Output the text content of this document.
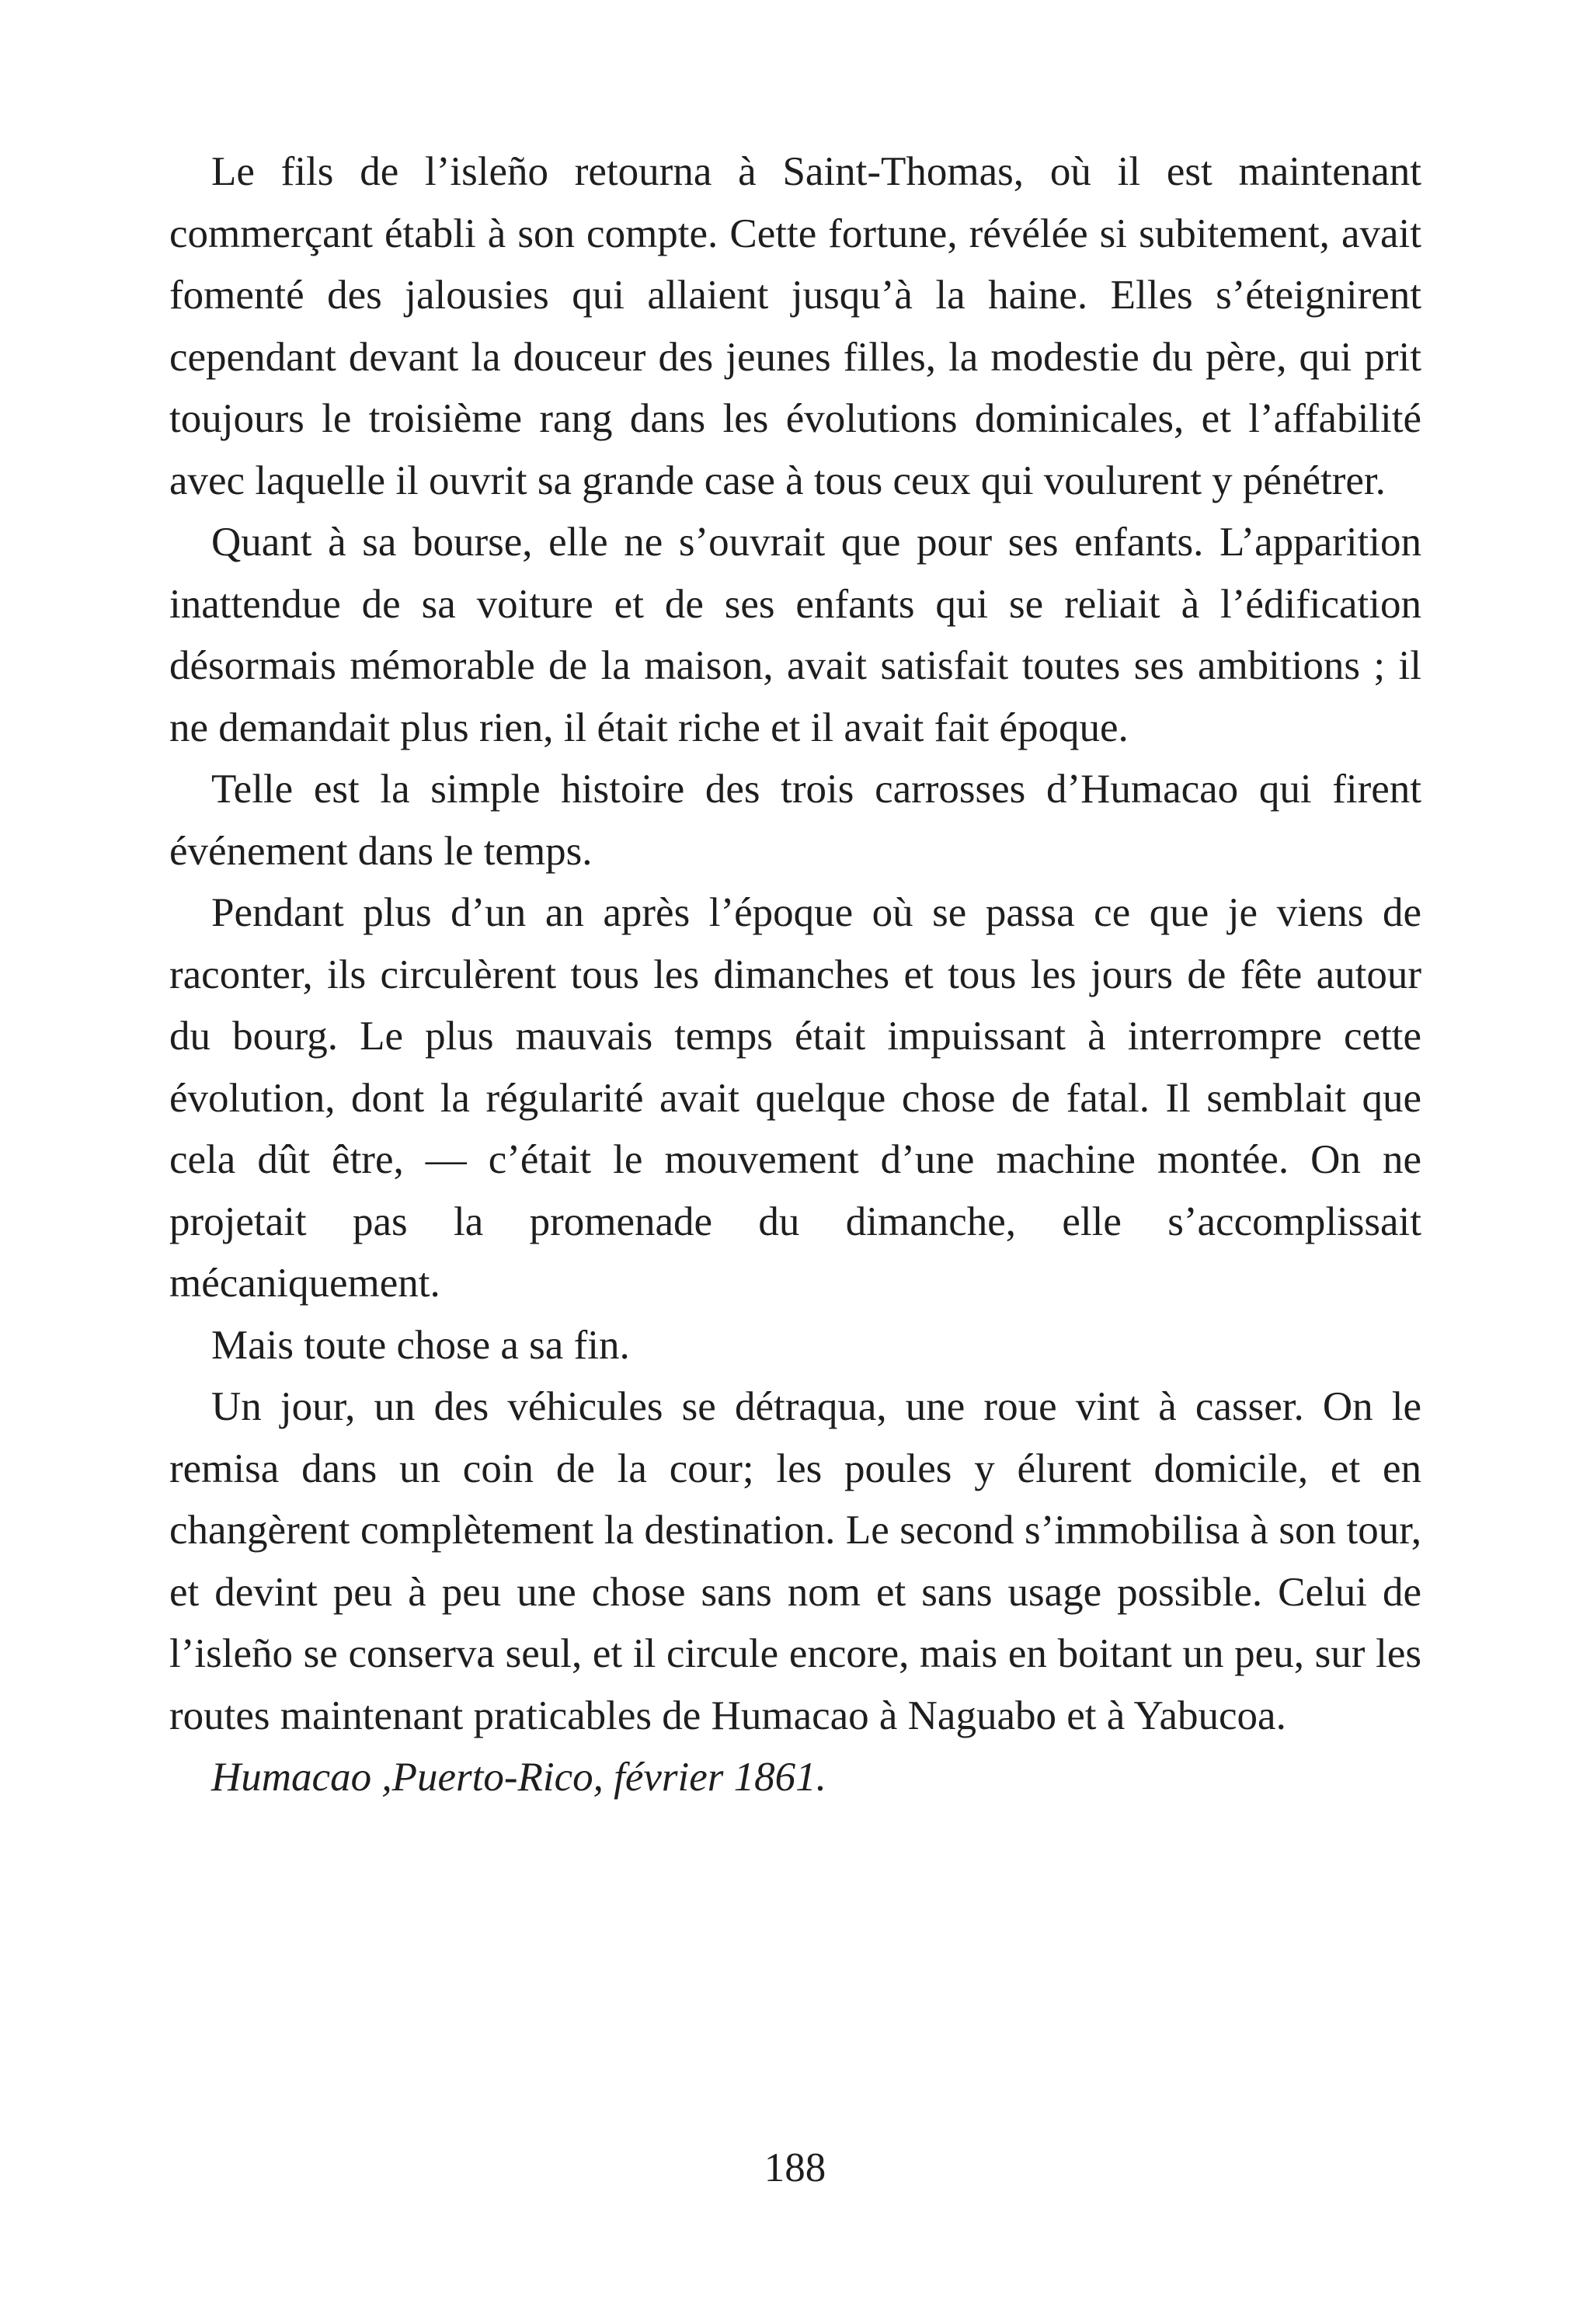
Le fils de l’isleño retourna à Saint-Thomas, où il est maintenant commerçant établi à son compte. Cette fortune, révélée si subitement, avait fomenté des jalousies qui allaient jusqu’à la haine. Elles s’éteignirent cependant devant la douceur des jeunes filles, la modestie du père, qui prit toujours le troisième rang dans les évolutions dominicales, et l’affabilité avec laquelle il ouvrit sa grande case à tous ceux qui voulurent y pénétrer.

Quant à sa bourse, elle ne s’ouvrait que pour ses enfants. L’apparition inattendue de sa voiture et de ses enfants qui se reliait à l’édification désormais mémorable de la maison, avait satisfait toutes ses ambitions ; il ne demandait plus rien, il était riche et il avait fait époque.

Telle est la simple histoire des trois carrosses d’Humacao qui firent événement dans le temps.

Pendant plus d’un an après l’époque où se passa ce que je viens de raconter, ils circulèrent tous les dimanches et tous les jours de fête autour du bourg. Le plus mauvais temps était impuissant à interrompre cette évolution, dont la régularité avait quelque chose de fatal. Il semblait que cela dût être, — c’était le mouvement d’une machine montée. On ne projetait pas la promenade du dimanche, elle s’accomplissait mécaniquement.

Mais toute chose a sa fin.

Un jour, un des véhicules se détraqua, une roue vint à casser. On le remisa dans un coin de la cour; les poules y élurent domicile, et en changèrent complètement la destination. Le second s’immobilisa à son tour, et devint peu à peu une chose sans nom et sans usage possible. Celui de l’isleño se conserva seul, et il circule encore, mais en boitant un peu, sur les routes maintenant praticables de Humacao à Naguabo et à Yabucoa.

Humacao ,Puerto-Rico, février 1861.

188
